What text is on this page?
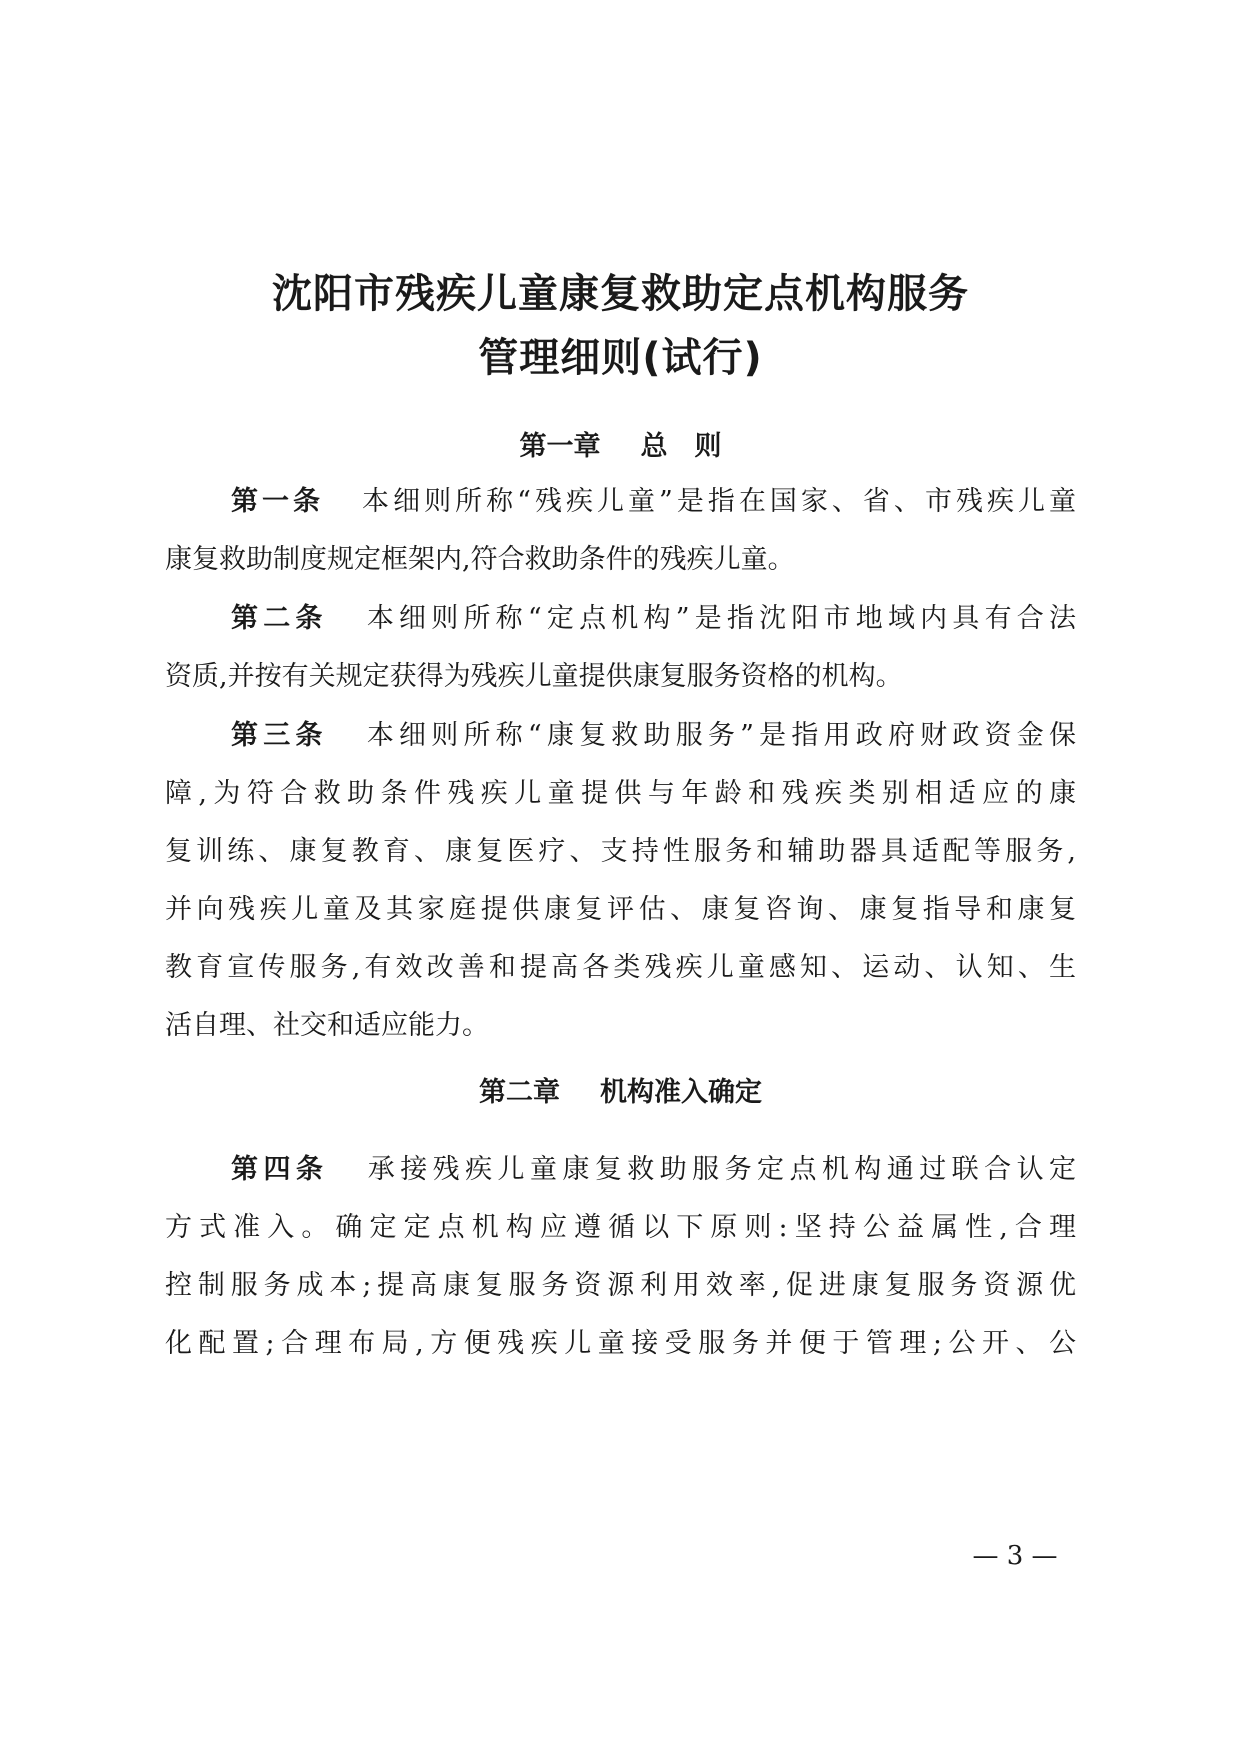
沈阳市残疾儿童康复救助定点机构服务
管理细则(试行)
第一章 总　则
第一条 本细则所称“残疾儿童”是指在国家、省、市残疾儿童
康复救助制度规定框架内,符合救助条件的残疾儿童。
第二条 本细则所称“定点机构”是指沈阳市地域内具有合法
资质,并按有关规定获得为残疾儿童提供康复服务资格的机构。
第三条 本细则所称“康复救助服务”是指用政府财政资金保
障,为符合救助条件残疾儿童提供与年龄和残疾类别相适应的康
复训练、康复教育、康复医疗、支持性服务和辅助器具适配等服务,
并向残疾儿童及其家庭提供康复评估、康复咨询、康复指导和康复
教育宣传服务,有效改善和提高各类残疾儿童感知、运动、认知、生
活自理、社交和适应能力。
第二章 机构准入确定
第四条 承接残疾儿童康复救助服务定点机构通过联合认定
方式准入。确定定点机构应遵循以下原则:坚持公益属性,合理
控制服务成本;提高康复服务资源利用效率,促进康复服务资源优
化配置;合理布局,方便残疾儿童接受服务并便于管理;公开、公
— 3 —
